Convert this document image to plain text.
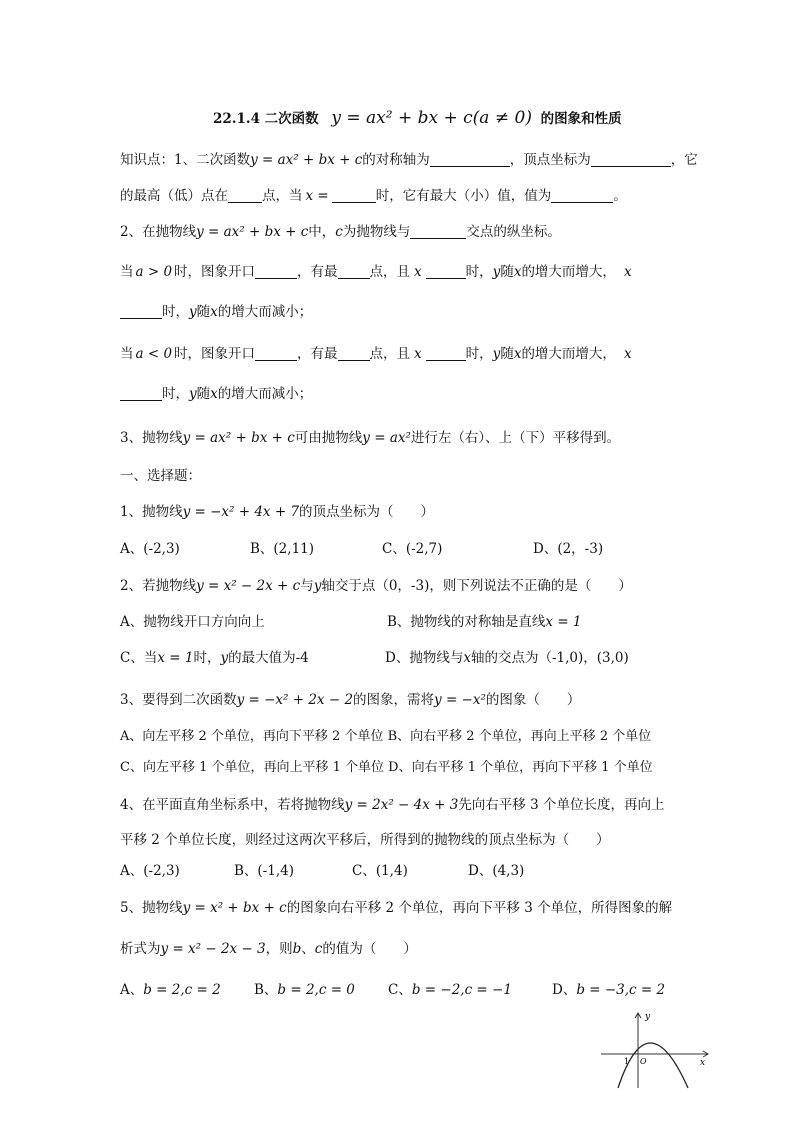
22.1.4 二次函数 y = ax² + bx + c(a ≠ 0) 的图象和性质
知识点：1、二次函数y = ax² + bx + c的对称轴为	，顶点坐标为	，它
的最高（低）点在	点，当 x =	时，它有最大（小）值，值为	。
2、在抛物线y = ax² + bx + c中，c为抛物线与	交点的纵坐标。
当 a > 0 时，图象开口	，有最 点，且 x	时，y随x的增大而增大， x
时，y随x的增大而减小；
当 a < 0 时，图象开口	，有最 点，且 x	时，y随x的增大而增大， x
时，y随x的增大而减小；
3、抛物线y = ax² + bx + c可由抛物线y = ax²进行左（右）、上（下）平移得到。
一、选择题：
1、抛物线y = −x² + 4x + 7的顶点坐标为（　　）
A、(-2,3)	B、(2,11)	C、(-2,7)	D、(2，-3)
2、若抛物线y = x² − 2x + c与y轴交于点（0，-3)，则下列说法不正确的是（　　）
A、抛物线开口方向向上	B、抛物线的对称轴是直线x = 1
C、当x = 1时，y的最大值为-4	D、抛物线与x轴的交点为（-1,0)，(3,0)
3、要得到二次函数y = −x² + 2x − 2的图象，需将y = −x²的图象（　　）
A、向左平移 2 个单位，再向下平移 2 个单位 B、向右平移 2 个单位，再向上平移 2 个单位
C、向左平移 1 个单位，再向上平移 1 个单位 D、向右平移 1 个单位，再向下平移 1 个单位
4、在平面直角坐标系中，若将抛物线y = 2x² − 4x + 3先向右平移 3 个单位长度，再向上
平移 2 个单位长度，则经过这两次平移后，所得到的抛物线的顶点坐标为（　　）
A、(-2,3)	B、(-1,4)	C、(1,4)	D、(4,3)
5、抛物线y = x² + bx + c的图象向右平移 2 个单位，再向下平移 3 个单位，所得图象的解
析式为y = x² − 2x − 3，则b、c的值为（　　）
A、b = 2,c = 2 B、b = 2,c = 0 C、b = −2,c = −1	D、b = −3,c = 2
y
x
O
1
